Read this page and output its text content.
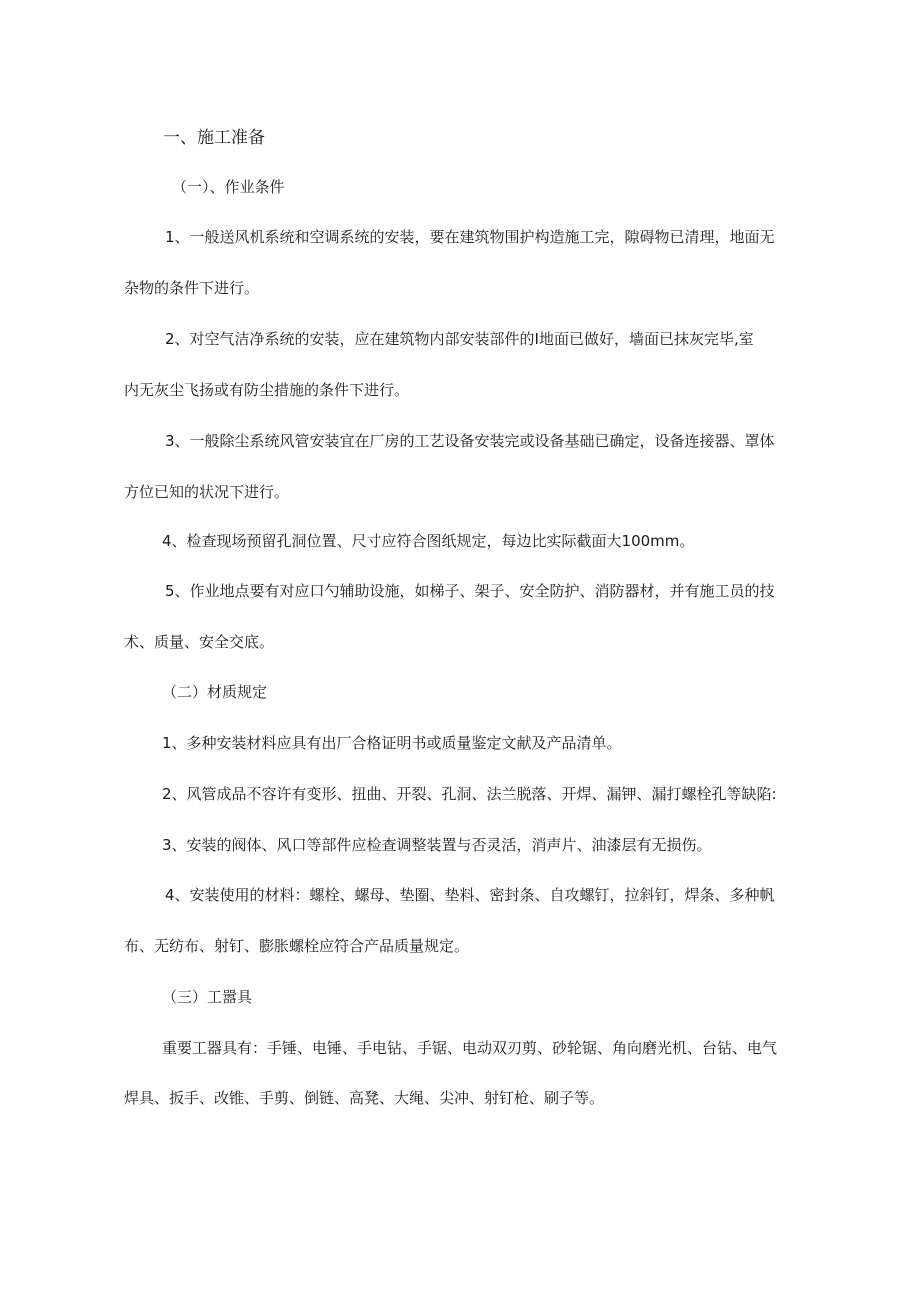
一、施工准备
（一）、作业条件
1、一般送风机系统和空调系统的安装，要在建筑物围护构造施工完，隙碍物已清理，地面无
杂物的条件下进行。
2、对空气洁净系统的安装，应在建筑物内部安装部件的I地面已做好，墙面已抹灰完毕,室
内无灰尘飞扬或有防尘措施的条件下进行。
3、一般除尘系统风管安装宜在厂房的工艺设备安装完或设备基础已确定，设备连接器、罩体
方位已知的状况下进行。
4、检查现场预留孔洞位置、尺寸应符合图纸规定，每边比实际截面大100mm。
5、作业地点要有对应口勺辅助设施，如梯子、架子、安全防护、消防器材，并有施工员的技
术、质量、安全交底。
（二）材质规定
1、多种安装材料应具有出厂合格证明书或质量鉴定文献及产品清单。
2、风管成品不容许有变形、扭曲、开裂、孔洞、法兰脱落、开焊、漏钾、漏打螺栓孔等缺陷:
3、安装的阀体、风口等部件应检查调整装置与否灵活，消声片、油漆层有无损伤。
4、安装使用的材料：螺栓、螺母、垫圈、垫料、密封条、自攻螺钉，拉斜钉，焊条、多种帆
布、无纺布、射钉、膨胀螺栓应符合产品质量规定。
（三）工嚣具
重要工器具有：手锤、电锤、手电钻、手锯、电动双刃剪、砂轮锯、角向磨光机、台钻、电气
焊具、扳手、改锥、手剪、倒链、高凳、大绳、尖冲、射钉枪、刷子等。
